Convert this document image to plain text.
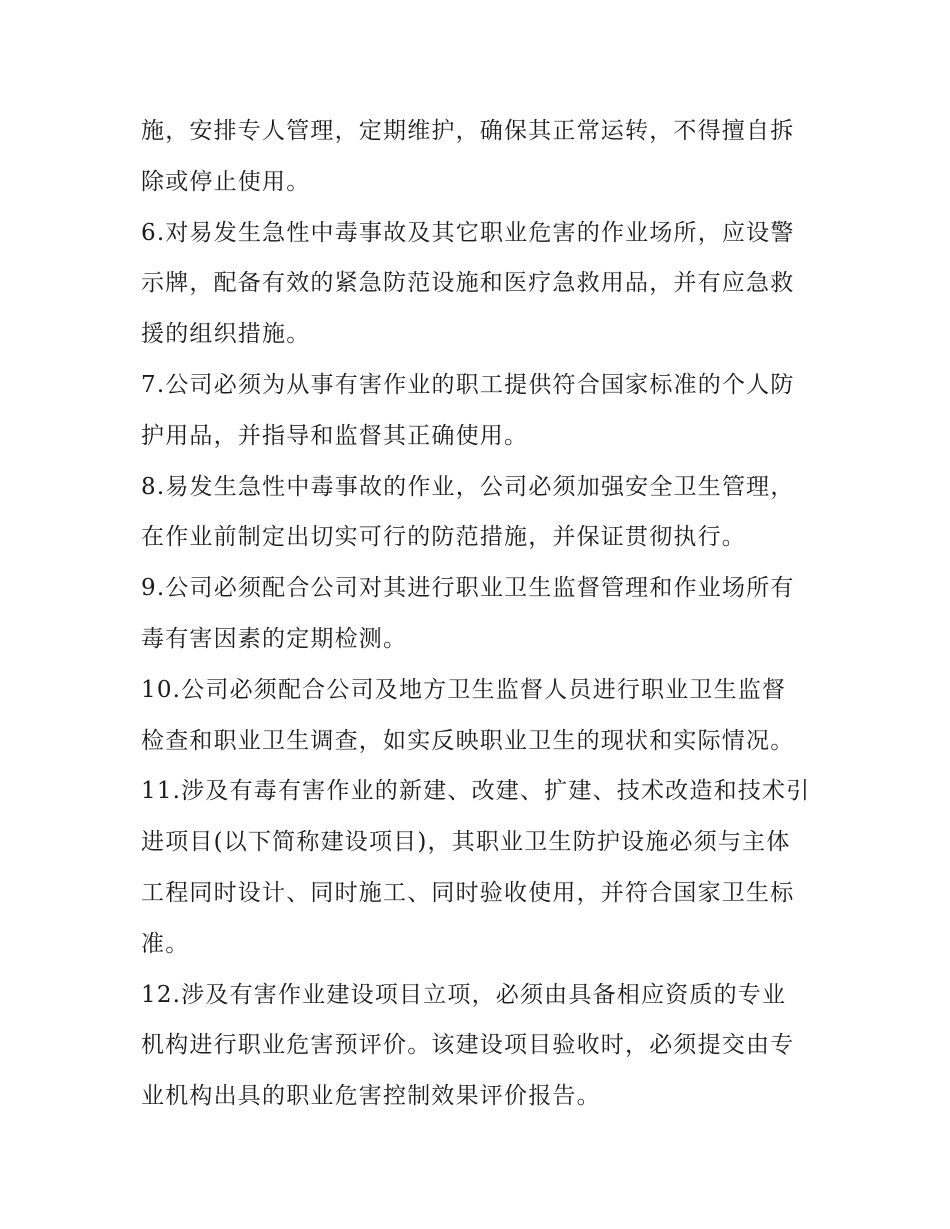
施，安排专人管理，定期维护，确保其正常运转，不得擅自拆
除或停止使用。
6.对易发生急性中毒事故及其它职业危害的作业场所，应设警
示牌，配备有效的紧急防范设施和医疗急救用品，并有应急救
援的组织措施。
7.公司必须为从事有害作业的职工提供符合国家标准的个人防
护用品，并指导和监督其正确使用。
8.易发生急性中毒事故的作业，公司必须加强安全卫生管理，
在作业前制定出切实可行的防范措施，并保证贯彻执行。
9.公司必须配合公司对其进行职业卫生监督管理和作业场所有
毒有害因素的定期检测。
10.公司必须配合公司及地方卫生监督人员进行职业卫生监督
检查和职业卫生调查，如实反映职业卫生的现状和实际情况。
11.涉及有毒有害作业的新建、改建、扩建、技术改造和技术引
进项目(以下简称建设项目)，其职业卫生防护设施必须与主体
工程同时设计、同时施工、同时验收使用，并符合国家卫生标
准。
12.涉及有害作业建设项目立项，必须由具备相应资质的专业
机构进行职业危害预评价。该建设项目验收时，必须提交由专
业机构出具的职业危害控制效果评价报告。
